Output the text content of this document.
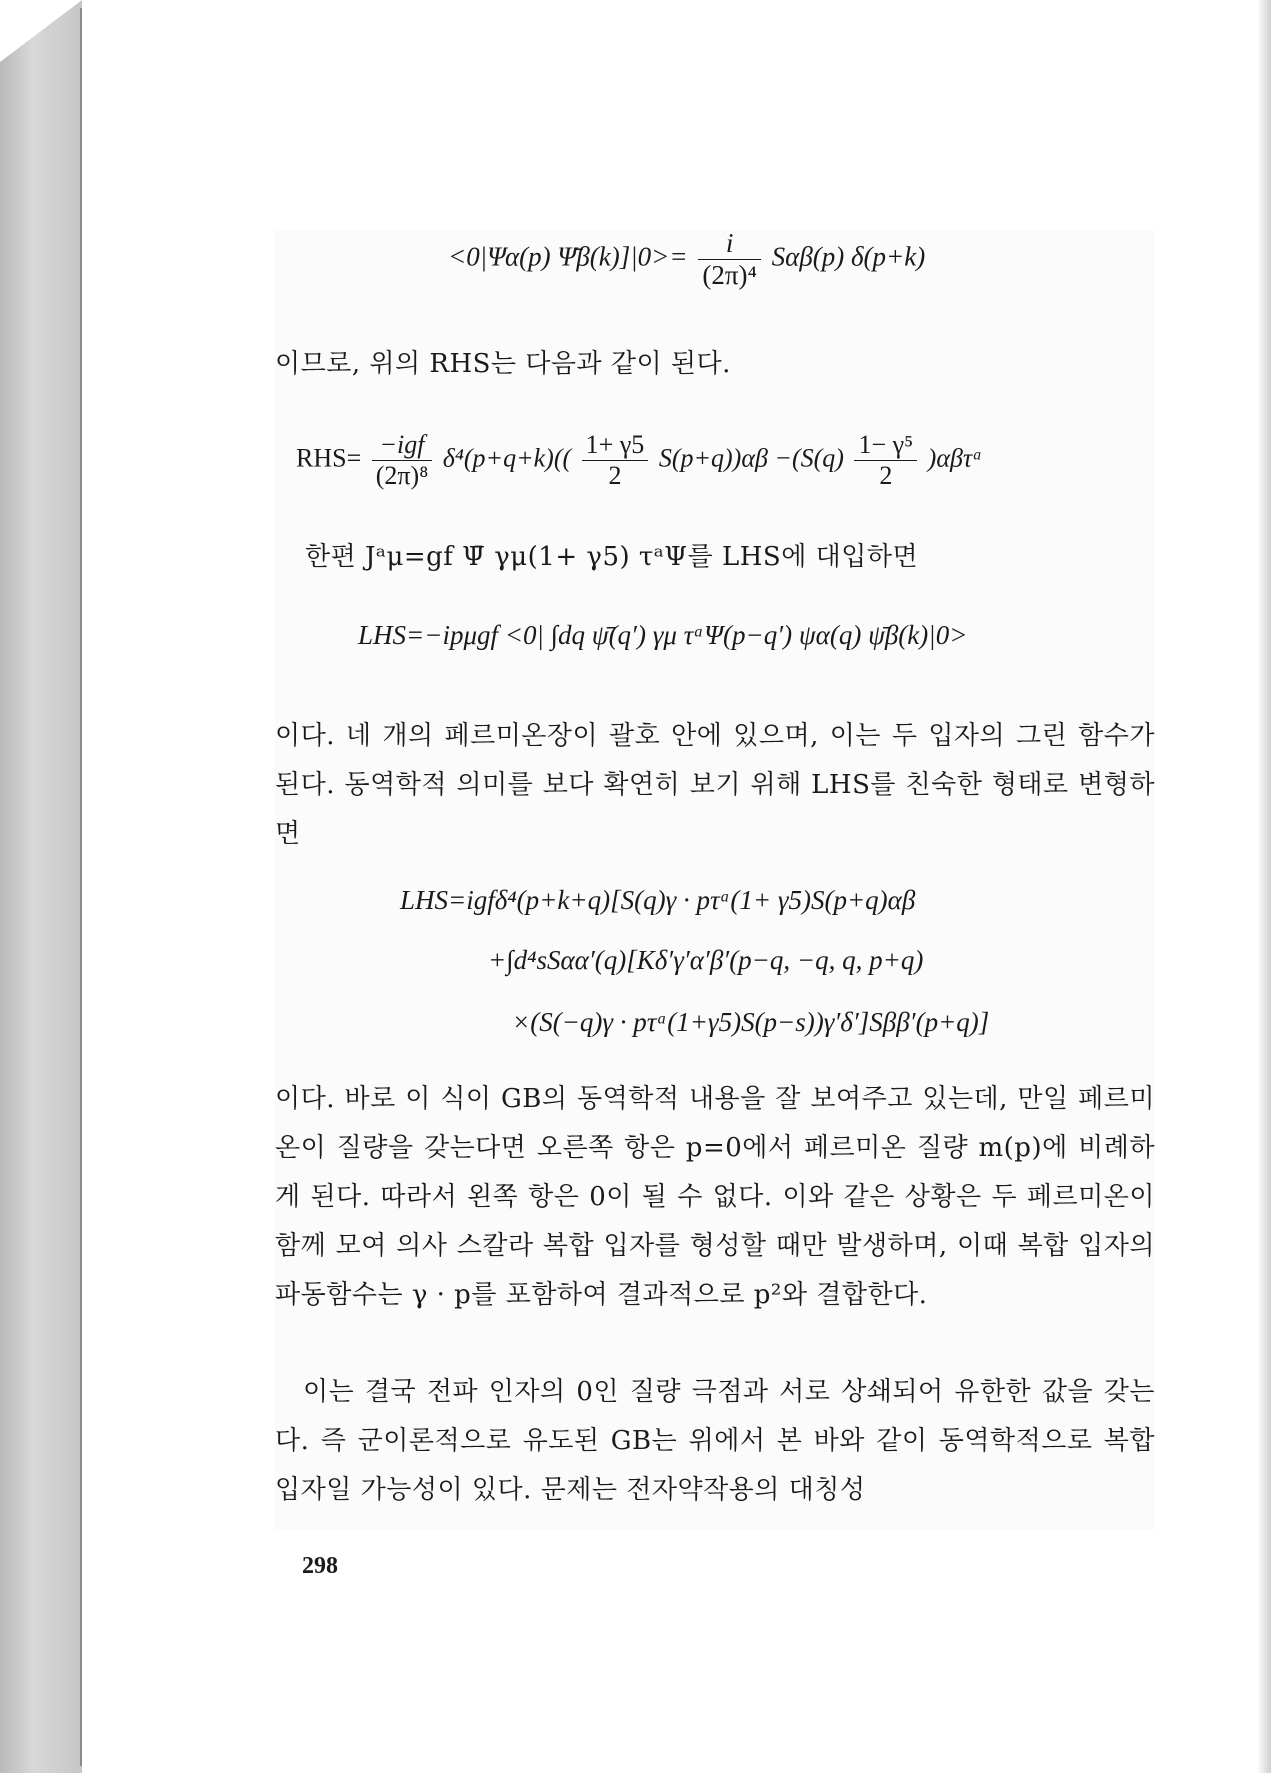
<0|Ψα(p) Ψ̄β(k)]|0>= $\frac{i}{\text{(2π)⁴}} S\alpha\beta(p)$ δ(p+k)

이므로, 위의 RHS는 다음과 같이 된다.

$RHS= \frac{\text{−igf}}{\text{(2π)⁸}} \delta^4(p+q+k)(( \frac{1+ \gamma 5}{2} S(p+q))\alpha\beta -(S(q) \frac{\text{1− γ⁵}}{2}$ )αβτᵃ

한편 Jᵃμ=gf Ψ̄ γμ(1+ γ5) τᵃΨ를 LHS에 대입하면

LHS=−ipμgf <0| ∫dq ψ̄(q′) γμ τᵃΨ(p−q′) ψα(q) ψ̄β(k)|0>

이다. 네 개의 페르미온장이 괄호 안에 있으며, 이는 두 입자의 그린 함수가 된다. 동역학적 의미를 보다 확연히 보기 위해 LHS를 친숙한 형태로 변형하면

LHS=igfδ⁴(p+k+q)[S(q)γ · pτᵃ(1+ γ5)S(p+q)αβ
+∫d⁴sSαα′(q)[Kδ′γ′α′β′(p−q, −q, q, p+q)
×(S(−q)γ · pτᵃ(1+γ5)S(p−s))γ′δ′]Sββ′(p+q)]

이다. 바로 이 식이 GB의 동역학적 내용을 잘 보여주고 있는데, 만일 페르미온이 질량을 갖는다면 오른쪽 항은 p=0에서 페르미온 질량 m(p)에 비례하게 된다. 따라서 왼쪽 항은 0이 될 수 없다. 이와 같은 상황은 두 페르미온이 함께 모여 의사 스칼라 복합 입자를 형성할 때만 발생하며, 이때 복합 입자의 파동함수는 γ · p를 포함하여 결과적으로 p²와 결합한다.

이는 결국 전파 인자의 0인 질량 극점과 서로 상쇄되어 유한한 값을 갖는다. 즉 군이론적으로 유도된 GB는 위에서 본 바와 같이 동역학적으로 복합 입자일 가능성이 있다. 문제는 전자약작용의 대칭성

298
